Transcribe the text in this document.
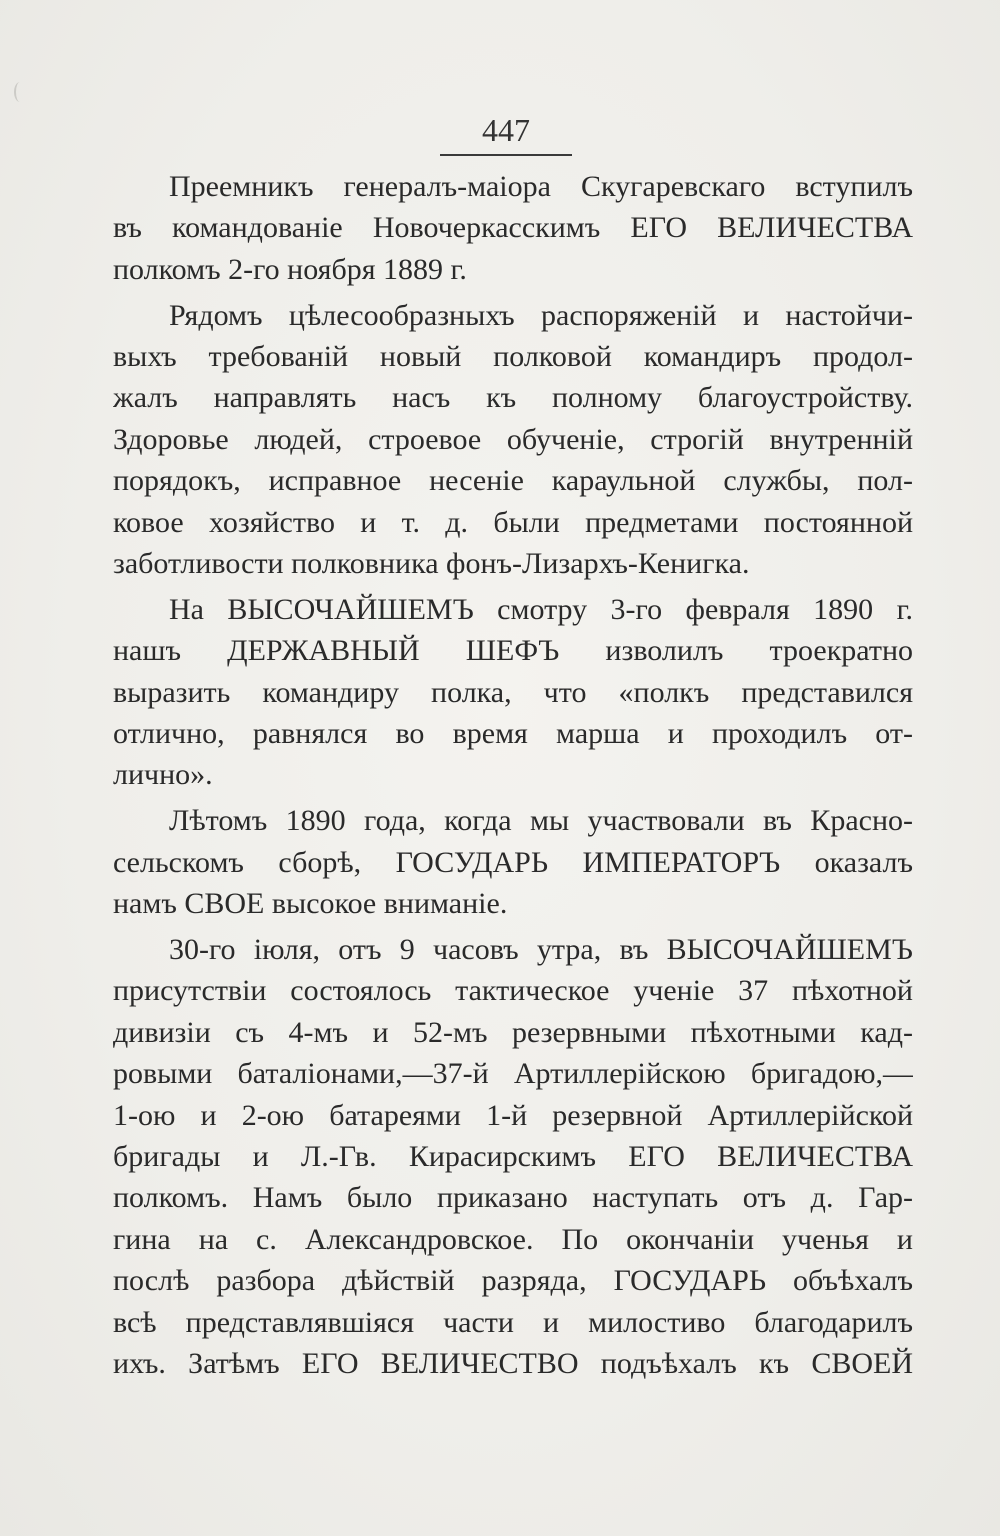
447
Преемникъ генералъ-маіора Скугаревскаго вступилъ
въ командованіе Новочеркасскимъ ЕГО ВЕЛИЧЕСТВА
полкомъ 2-го ноября 1889 г.
Рядомъ цѣлесообразныхъ распоряженій и настойчи-
выхъ требованій новый полковой командиръ продол-
жалъ направлять насъ къ полному благоустройству.
Здоровье людей, строевое обученіе, строгій внутренній
порядокъ, исправное несеніе караульной службы, пол-
ковое хозяйство и т. д. были предметами постоянной
заботливости полковника фонъ-Лизархъ-Кенигка.
На ВЫСОЧАЙШЕМЪ смотру 3-го февраля 1890 г.
нашъ ДЕРЖАВНЫЙ ШЕФЪ изволилъ троекратно
выразить командиру полка, что «полкъ представился
отлично, равнялся во время марша и проходилъ от-
лично».
Лѣтомъ 1890 года, когда мы участвовали въ Красно-
сельскомъ сборѣ, ГОСУДАРЬ ИМПЕРАТОРЪ оказалъ
намъ СВОЕ высокое вниманіе.
30-го іюля, отъ 9 часовъ утра, въ ВЫСОЧАЙШЕМЪ
присутствіи состоялось тактическое ученіе 37 пѣхотной
дивизіи съ 4-мъ и 52-мъ резервными пѣхотными кад-
ровыми баталіонами,—37-й Артиллерійскою бригадою,—
1-ою и 2-ою батареями 1-й резервной Артиллерійской
бригады и Л.-Гв. Кирасирскимъ ЕГО ВЕЛИЧЕСТВА
полкомъ. Намъ было приказано наступать отъ д. Гар-
гина на с. Александровское. По окончаніи ученья и
послѣ разбора дѣйствій разряда, ГОСУДАРЬ объѣхалъ
всѣ представлявшіяся части и милостиво благодарилъ
ихъ. Затѣмъ ЕГО ВЕЛИЧЕСТВО подъѣхалъ къ СВОЕЙ
